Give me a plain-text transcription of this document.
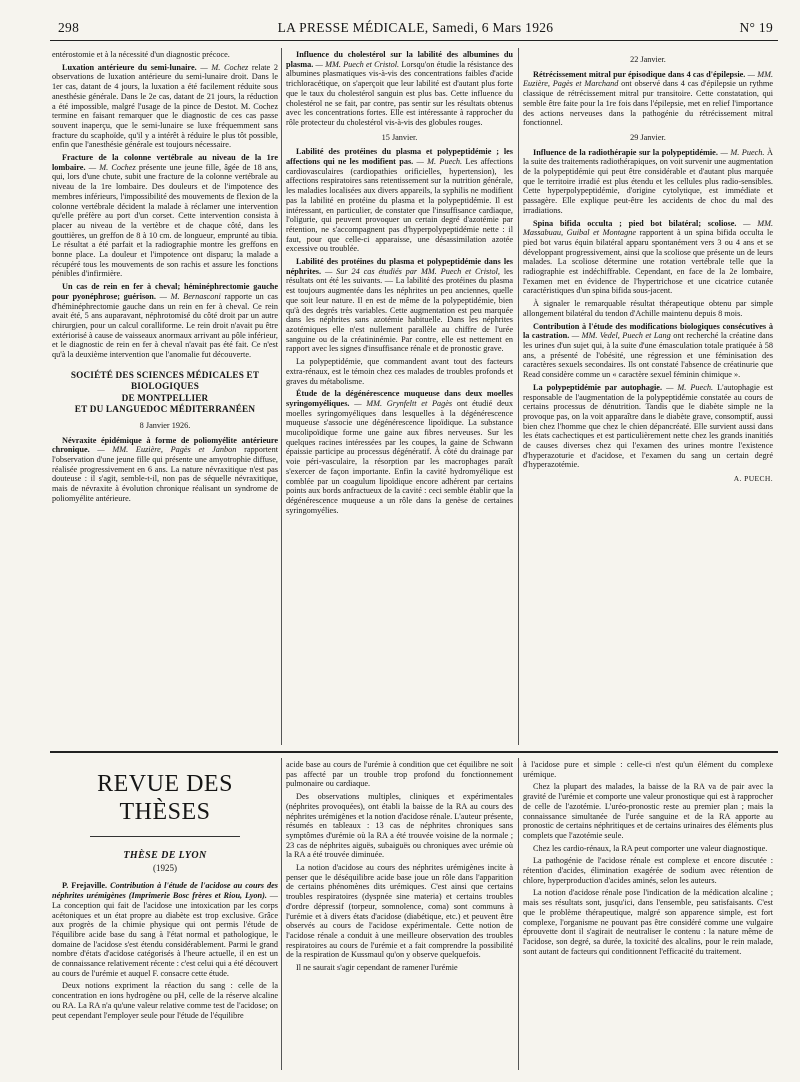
298	LA PRESSE MÉDICALE, Samedi, 6 Mars 1926	N° 19

entérostomie et à la nécessité d'un diagnostic précoce.

Luxation antérieure du semi-lunaire. — M. Cochez relate 2 observations de luxation antérieure du semi-lunaire droit. Dans le 1er cas, datant de 4 jours, la luxation a été facilement réduite sous anesthésie générale. Dans le 2e cas, datant de 21 jours, la réduction a été impossible, malgré l'usage de la pince de Destot. M. Cochez termine en faisant remarquer que le diagnostic de ces cas passe souvent inaperçu, que le semi-lunaire se luxe fréquemment sans fracture du scaphoïde, qu'il y a intérêt à réduire le plus tôt possible, enfin que l'anesthésie générale est toujours nécessaire.

Fracture de la colonne vertébrale au niveau de la 1re lombaire. — M. Cochez présente une jeune fille, âgée de 18 ans, qui, lors d'une chute, subit une fracture de la colonne vertébrale au niveau de la 1re lombaire. Des douleurs et de l'impotence des membres inférieurs, l'impossibilité des mouvements de flexion de la colonne vertébrale décident la malade à réclamer une intervention qu'elle préfère au port d'un corset. Cette intervention consista à placer au niveau de la vertèbre et de chaque côté, dans les gouttières, un greffon de 8 à 10 cm. de longueur, emprunté au tibia. Le résultat a été parfait et la radiographie montre les greffons en bonne place. La douleur et l'impotence ont disparu; la malade a récupéré tous les mouvements de son rachis et assure les fonctions pénibles d'infirmière.

Un cas de rein en fer à cheval; héminéphrectomie gauche pour pyonéphrose; guérison. — M. Bernasconi rapporte un cas d'héminéphrectomie gauche dans un rein en fer à cheval. Ce rein avait été, 5 ans auparavant, néphrotomisé du côté droit par un autre chirurgien, pour un calcul coralliforme. Le rein droit n'avait pu être extériorisé à cause de vaisseaux anormaux arrivant au pôle inférieur, et le diagnostic de rein en fer à cheval n'avait pas été fait. Ce n'est qu'à la deuxième intervention que l'anomalie fut découverte.

SOCIÉTÉ DES SCIENCES MÉDICALES ET BIOLOGIQUES
DE MONTPELLIER
ET DU LANGUEDOC MÉDITERRANÉEN
8 Janvier 1926.

Névraxite épidémique à forme de poliomyélite antérieure chronique. — MM. Euzière, Pagès et Janbon rapportent l'observation d'une jeune fille qui présente une amyotrophie diffuse, réalisée progressivement en 6 ans. La nature névraxitique n'est pas douteuse : il s'agit, semble-t-il, non pas de séquelle névraxitique, mais de névraxite à évolution chronique réalisant un syndrome de poliomyélite antérieure.

Influence du cholestérol sur la labilité des albumines du plasma. — MM. Puech et Cristol. Lorsqu'on étudie la résistance des albumines plasmatiques vis-à-vis des concentrations faibles d'acide trichloracétique, on s'aperçoit que leur labilité est d'autant plus forte que le taux du cholestérol sanguin est plus bas. Cette influence du cholestérol ne se fait, par contre, pas sentir sur les résultats obtenus avec les concentrations fortes. Elle est intéressante à rapprocher du rôle protecteur du cholestérol vis-à-vis des globules rouges.

15 Janvier.

Labilité des protéines du plasma et polypeptidémie ; les affections qui ne les modifient pas. — M. Puech. Les affections cardiovasculaires (cardiopathies orificielles, hypertension), les affections respiratoires sans retentissement sur la nutrition générale, les maladies localisées aux divers appareils, la syphilis ne modifient pas la labilité en protéine du plasma et la polypeptidémie. Il est intéressant, en particulier, de constater que l'insuffisance cardiaque, l'oligurie, qui peuvent provoquer un certain degré d'azotémie par rétention, ne s'accompagnent pas d'hyperpolypeptidémie nette : il faut, pour que celle-ci apparaisse, une désassimilation azotée excessive ou troublée.

Labilité des protéines du plasma et polypeptidémie dans les néphrites. — Sur 24 cas étudiés par MM. Puech et Cristol, les résultats ont été les suivants. — La labilité des protéines du plasma est toujours augmentée dans les néphrites un peu anciennes, quelle que soit leur nature. Il en est de même de la polypeptidémie, bien qu'à des degrés très variables. Cette augmentation est peu marquée dans les néphrites sans azotémie habituelle. Dans les néphrites azotémiques elle n'est nullement parallèle au chiffre de l'urée sanguine ou de la créatininémie. Par contre, elle est nettement en rapport avec les signes d'insuffisance rénale et de pronostic grave.

La polypeptidémie, que commandent avant tout des facteurs extra-rénaux, est le témoin chez ces malades de troubles profonds et graves du métabolisme.

Étude de la dégénérescence muqueuse dans deux moelles syringomyéliques. — MM. Grynfeltt et Pagès ont étudié deux moelles syringomyéliques dans lesquelles à la dégénérescence muqueuse s'associe une dégénérescence lipoïdique. La substance mucolipoïdique forme une gaine aux fibres nerveuses. Sur les quelques racines intéressées par les coupes, la gaine de Schwann épaissie participe au processus dégénératif. À côté du drainage par voie péri-vasculaire, la résorption par les macrophages paraît s'exercer de façon importante. Enfin la cavité hydromyélique est comblée par un coagulum lipoïdique encore adhérent par certains points aux bords anfractueux de la cavité : ceci semble établir que la dégénérescence muqueuse a un rôle dans la genèse de certaines syringomyélies.

22 Janvier.

Rétrécissement mitral pur épisodique dans 4 cas d'épilepsie. — MM. Euzière, Pagès et Marchand ont observé dans 4 cas d'épilepsie un rythme classique de rétrécissement mitral pur transitoire. Cette constatation, qui semble être faite pour la 1re fois dans l'épilepsie, met en relief l'importance des actions nerveuses dans la pathogénie du rétrécissement mitral fonctionnel.

29 Janvier.

Influence de la radiothérapie sur la polypeptidémie. — M. Puech. À la suite des traitements radiothérapiques, on voit survenir une augmentation de la polypeptidémie qui peut être considérable et d'autant plus marquée que le territoire irradié est plus étendu et les cellules plus radio-sensibles. Cette hyperpolypeptidémie, d'origine cytolytique, est immédiate et passagère. Elle explique peut-être les accidents de choc du mal des irradiations.

Spina bifida occulta ; pied bot bilatéral; scoliose. — MM. Massabuau, Guibal et Montagne rapportent à un spina bifida occulta le pied bot varus équin bilatéral apparu spontanément vers 3 ou 4 ans et se développant progressivement, ainsi que la scoliose que présente un de leurs malades. La scoliose détermine une rotation vertébrale telle que la radiographie est indéchiffrable. Cependant, en face de la 2e lombaire, l'examen met en évidence de l'hypertrichose et une cicatrice cutanée caractéristiques d'un spina bifida sous-jacent.

À signaler le remarquable résultat thérapeutique obtenu par simple allongement bilatéral du tendon d'Achille maintenu depuis 8 mois.

Contribution à l'étude des modifications biologiques consécutives à la castration. — MM. Vedel, Puech et Lang ont recherché la créatine dans les urines d'un sujet qui, à la suite d'une émasculation totale pratiquée à 58 ans, a présenté de l'obésité, une régression et une féminisation des caractères sexuels secondaires. Ils ont constaté l'absence de créatinurie que Read considère comme un « caractère sexuel féminin chimique ».

La polypeptidémie par autophagie. — M. Puech. L'autophagie est responsable de l'augmentation de la polypeptidémie constatée au cours de certains processus de dénutrition. Tandis que le diabète simple ne la provoque pas, on la voit apparaître dans le diabète grave, consomptif, aussi bien chez l'homme que chez le chien dépancréaté. Elle survient aussi dans les états cachectiques et est particulièrement nette chez les grands inanitiés de causes diverses chez qui l'examen des urines montre l'existence d'hyperazoturie et d'acidose, et l'examen du sang un certain degré d'hyperazotémie.

A. PUECH.
REVUE DES THÈSES
THÈSE DE LYON
(1925)

P. Frejaville. Contribution à l'étude de l'acidose au cours des néphrites urémigènes (Imprimerie Bosc frères et Riou, Lyon). — La conception qui fait de l'acidose une intoxication par les corps acétoniques et un état propre au diabète est trop exclusive. Grâce aux progrès de la chimie physique qui ont permis l'étude de l'équilibre acide base du sang à l'état normal et pathologique, le domaine de l'acidose s'est étendu considérablement. Parmi le grand nombre d'états d'acidose catégorisés à l'heure actuelle, il en est un de connaissance relativement récente : c'est celui qui a été découvert au cours de l'urémie et auquel F. consacre cette étude.

Deux notions expriment la réaction du sang : celle de la concentration en ions hydrogène ou pH, celle de la réserve alcaline ou RA. La RA n'a qu'une valeur relative comme test de l'acidose; on peut cependant l'employer seule pour l'étude de l'équilibre

acide base au cours de l'urémie à condition que cet équilibre ne soit pas affecté par un trouble trop profond du fonctionnement pulmonaire ou cardiaque.

Des observations multiples, cliniques et expérimentales (néphrites provoquées), ont établi la baisse de la RA au cours des néphrites urémigènes et la notion d'acidose rénale. L'auteur présente, résumés en tableaux : 13 cas de néphrites chroniques sans symptômes d'urémie où la RA a été trouvée voisine de la normale ; 23 cas de néphrites aiguës, subaiguës ou chroniques avec urémie où la RA a été trouvée diminuée.

La notion d'acidose au cours des néphrites urémigènes incite à penser que le déséquilibre acide base joue un rôle dans l'apparition de certains phénomènes dits urémiques. C'est ainsi que certains troubles respiratoires (dyspnée sine materia) et certains troubles d'ordre dépressif (torpeur, somnolence, coma) sont communs à l'urémie et à divers états d'acidose (diabétique, etc.) et peuvent être observés au cours de l'acidose expérimentale. Cette notion de l'acidose rénale a conduit à une meilleure observation des troubles respiratoires au cours de l'urémie et a fait comprendre la possibilité de la respiration de Kussmaul qu'on y observe quelquefois.

Il ne saurait s'agir cependant de ramener l'urémie

à l'acidose pure et simple : celle-ci n'est qu'un élément du complexe urémique.

Chez la plupart des malades, la baisse de la RA va de pair avec la gravité de l'urémie et comporte une valeur pronostique qui est à rapprocher de celle de l'azotémie. L'uréo-pronostic reste au premier plan ; mais la connaissance simultanée de l'urée sanguine et de la RA apporte au pronostic de certains néphritiques et de certains urinaires des éléments plus complets que l'azotémie seule.

Chez les cardio-rénaux, la RA peut comporter une valeur diagnostique.

La pathogénie de l'acidose rénale est complexe et encore discutée : rétention d'acides, élimination exagérée de sodium avec rétention de chlore, hyperproduction d'acides aminés, selon les auteurs.

La notion d'acidose rénale pose l'indication de la médication alcaline ; mais ses résultats sont, jusqu'ici, dans l'ensemble, peu satisfaisants. C'est que le problème thérapeutique, malgré son apparence simple, est fort complexe, l'organisme ne pouvant pas être considéré comme une vulgaire éprouvette dont il s'agirait de neutraliser le contenu : la nature même de l'acidose, son degré, sa durée, la toxicité des alcalins, pour le rein malade, sont autant de facteurs qui conditionnent l'efficacité du traitement.
